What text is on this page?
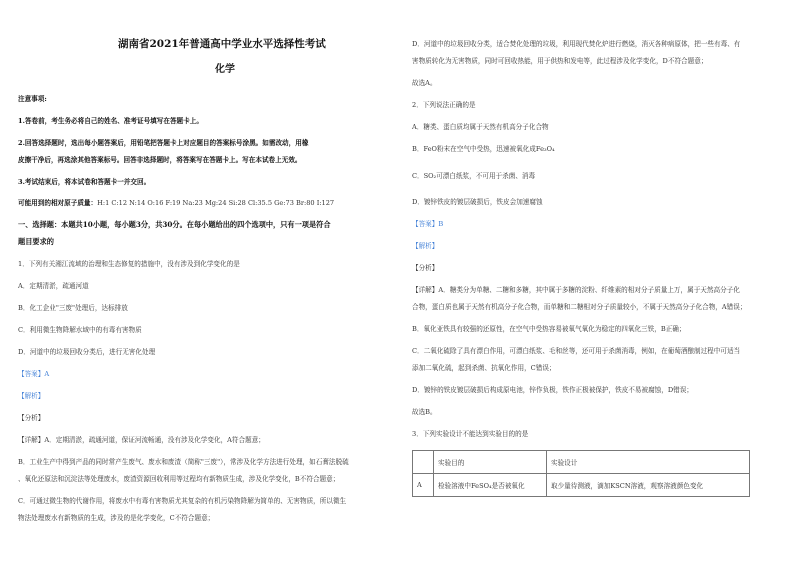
湖南省2021年普通高中学业水平选择性考试
化学
注意事项:
1.答卷前，考生务必将自己的姓名、准考证号填写在答题卡上。
2.回答选择题时，选出每小题答案后，用铅笔把答题卡上对应题目的答案标号涂黑。如需改动，用橡
皮擦干净后，再选涂其他答案标号。回答非选择题时，将答案写在答题卡上。写在本试卷上无效。
3.考试结束后，将本试卷和答题卡一并交回。
可能用到的相对原子质量：H:1 C:12 N:14 O:16 F:19 Na:23 Mg:24 Si:28 Cl:35.5 Ge:73 Br:80 I:127
一、选择题：本题共10小题，每小题3分，共30分。在每小题给出的四个选项中，只有一项是符合
题目要求的
1．下列有关湘江流域的治理和生态修复的措施中，没有涉及到化学变化的是
A．定期清淤，疏通河道
B．化工企业"三废"处理后，达标排放
C．利用微生物降解水域中的有毒有害物质
D．河道中的垃圾回收分类后，进行无害化处理
【答案】A
【解析】
【分析】
【详解】A．定期清淤，疏通河道，保证河流畅通，没有涉及化学变化，A符合题意；
B．工业生产中得到产品的同时常产生废气、废水和废渣（简称"三废"），常涉及化学方法进行处理，如石膏法脱硫
、氧化还原法和沉淀法等处理废水，废渣资源回收利用等过程均有新物质生成，涉及化学变化，B不符合题意；
C．可通过微生物的代谢作用，将废水中有毒有害物质尤其复杂的有机污染物降解为简单的、无害物质，所以微生
物法处理废水有新物质的生成，涉及的是化学变化，C不符合题意；
D．河道中的垃圾回收分类，适合焚化处理的垃圾，利用现代焚化炉进行燃烧，消灭各种病原体，把一些有毒、有
害物质转化为无害物质，同时可回收热能，用于供热和发电等，此过程涉及化学变化，D不符合题意；
故选A。
2．下列说法正确的是
A．糖类、蛋白质均属于天然有机高分子化合物
B．FeO粉末在空气中受热，迅速被氧化成Fe₃O₄
C．SO₂可漂白纸浆，不可用于杀菌、消毒
D．镀锌铁皮的镀层破损后，铁皮会加速腐蚀
【答案】B
【解析】
【分析】
【详解】A．糖类分为单糖、二糖和多糖，其中属于多糖的淀粉、纤维素的相对分子质量上万，属于天然高分子化
合物，蛋白质也属于天然有机高分子化合物，而单糖和二糖相对分子质量较小，不属于天然高分子化合物，A错误；
B．氧化亚铁具有较强的还原性，在空气中受热容易被氧气氧化为稳定的四氧化三铁，B正确；
C．二氧化硫除了具有漂白作用，可漂白纸浆、毛和丝等，还可用于杀菌消毒，例如，在葡萄酒酿制过程中可适当
添加二氧化硫，起到杀菌、抗氧化作用，C错误；
D．镀锌的铁皮镀层破损后构成原电池，锌作负极，铁作正极被保护，铁皮不易被腐蚀，D错误；
故选B。
3．下列实验设计不能达到实验目的的是
	实验目的	实验设计
A	检验溶液中FeSO₄是否被氧化	取少量待测液，滴加KSCN溶液，观察溶液颜色变化
